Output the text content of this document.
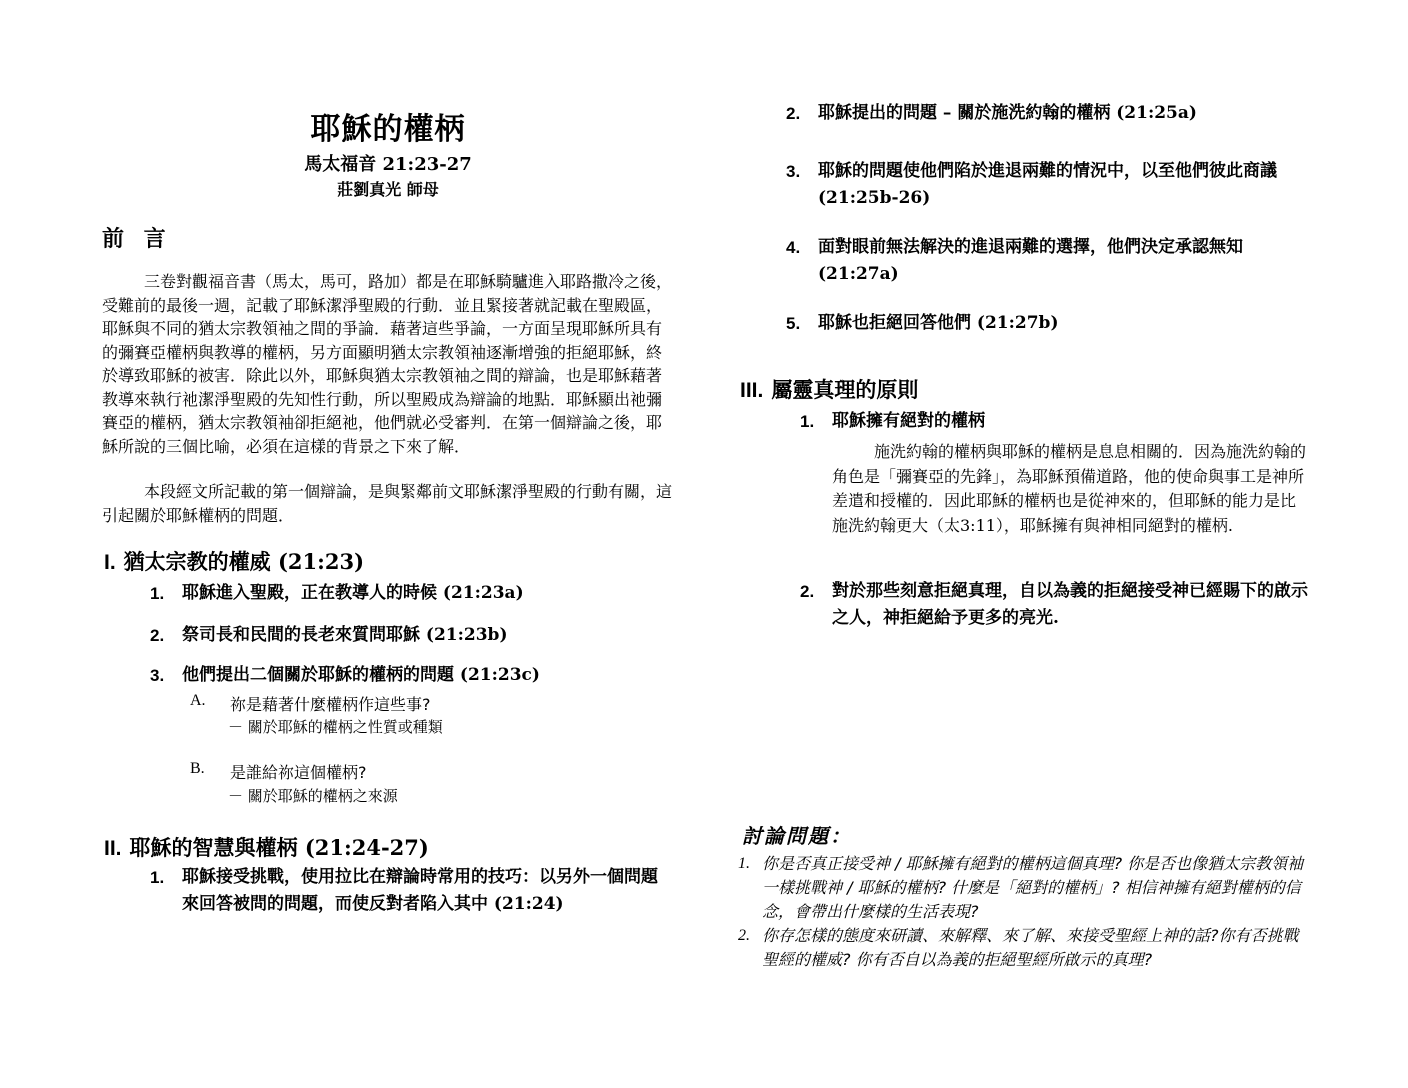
耶穌的權柄
馬太福音 21:23-27
莊劉真光 師母
前 言
三卷對觀福音書（馬太，馬可，路加）都是在耶穌騎驢進入耶路撒冷之後，受難前的最後一週，記載了耶穌潔淨聖殿的行動．並且緊接著就記載在聖殿區，耶穌與不同的猶太宗教領袖之間的爭論．藉著這些爭論，一方面呈現耶穌所具有的彌賽亞權柄與教導的權柄，另方面顯明猶太宗教領袖逐漸增強的拒絕耶穌，終於導致耶穌的被害．除此以外，耶穌與猶太宗教領袖之間的辯論，也是耶穌藉著教導來執行祂潔淨聖殿的先知性行動，所以聖殿成為辯論的地點．耶穌顯出祂彌賽亞的權柄，猶太宗教領袖卻拒絕祂，他們就必受審判．在第一個辯論之後，耶穌所說的三個比喻，必須在這樣的背景之下來了解．
本段經文所記載的第一個辯論，是與緊鄰前文耶穌潔淨聖殿的行動有關，這引起關於耶穌權柄的問題．
I. 猶太宗教的權威 (21:23)
1.	耶穌進入聖殿，正在教導人的時候 (21:23a)
2.	祭司長和民間的長老來質問耶穌 (21:23b)
3.	他們提出二個關於耶穌的權柄的問題 (21:23c)
A.	祢是藉著什麼權柄作這些事?
－ 關於耶穌的權柄之性質或種類
B.	是誰給祢這個權柄?
－ 關於耶穌的權柄之來源
II. 耶穌的智慧與權柄 (21:24-27)
1.	耶穌接受挑戰，使用拉比在辯論時常用的技巧：以另外一個問題來回答被問的問題，而使反對者陷入其中 (21:24)
2.	耶穌提出的問題 – 關於施洗約翰的權柄 (21:25a)
3.	耶穌的問題使他們陷於進退兩難的情況中，以至他們彼此商議 (21:25b-26)
4.	面對眼前無法解決的進退兩難的選擇，他們決定承認無知 (21:27a)
5.	耶穌也拒絕回答他們 (21:27b)
III. 屬靈真理的原則
1.	耶穌擁有絕對的權柄
施洗約翰的權柄與耶穌的權柄是息息相關的．因為施洗約翰的角色是「彌賽亞的先鋒」，為耶穌預備道路，他的使命與事工是神所差遣和授權的．因此耶穌的權柄也是從神來的，但耶穌的能力是比施洗約翰更大（太3:11），耶穌擁有與神相同絕對的權柄.
2.	對於那些刻意拒絕真理，自以為義的拒絕接受神已經賜下的啟示之人，神拒絕給予更多的亮光.
討論問題：
1. 你是否真正接受神 / 耶穌擁有絕對的權柄這個真理? 你是否也像猶太宗教領袖一樣挑戰神 / 耶穌的權柄? 什麼是「絕對的權柄」? 相信神擁有絕對權柄的信念，會帶出什麼樣的生活表現?
2. 你存怎樣的態度來研讀、來解釋、來了解、來接受聖經上神的話?你有否挑戰聖經的權威? 你有否自以為義的拒絕聖經所啟示的真理?
